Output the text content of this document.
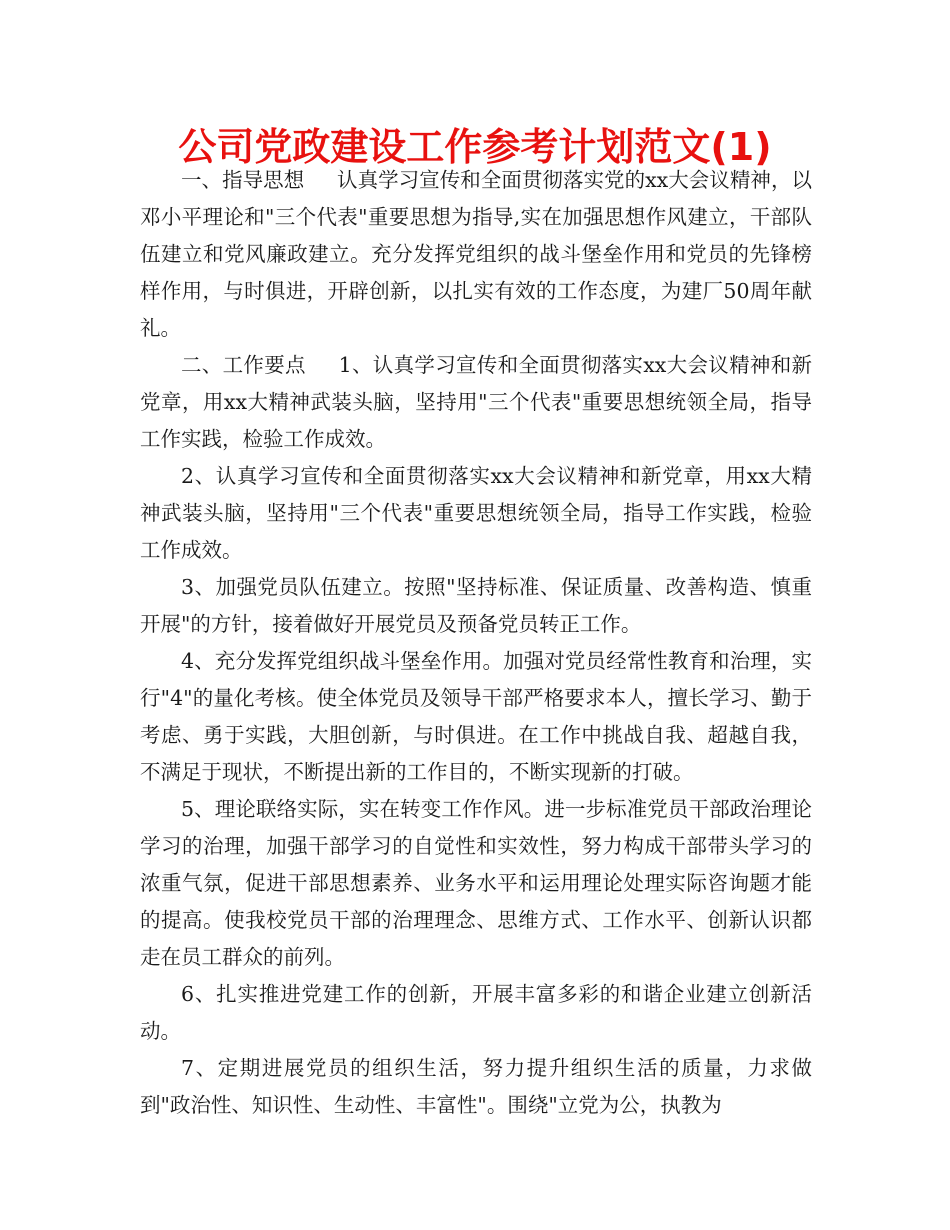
公司党政建设工作参考计划范文(1)

一、指导思想 认真学习宣传和全面贯彻落实党的xx大会议精神，以邓小平理论和"三个代表"重要思想为指导,实在加强思想作风建立，干部队伍建立和党风廉政建立。充分发挥党组织的战斗堡垒作用和党员的先锋榜样作用，与时俱进，开辟创新，以扎实有效的工作态度，为建厂50周年献礼。

二、工作要点 1、认真学习宣传和全面贯彻落实xx大会议精神和新党章，用xx大精神武装头脑，坚持用"三个代表"重要思想统领全局，指导工作实践，检验工作成效。

2、认真学习宣传和全面贯彻落实xx大会议精神和新党章，用xx大精神武装头脑，坚持用"三个代表"重要思想统领全局，指导工作实践，检验工作成效。

3、加强党员队伍建立。按照"坚持标准、保证质量、改善构造、慎重开展"的方针，接着做好开展党员及预备党员转正工作。

4、充分发挥党组织战斗堡垒作用。加强对党员经常性教育和治理，实行"4"的量化考核。使全体党员及领导干部严格要求本人，擅长学习、勤于考虑、勇于实践，大胆创新，与时俱进。在工作中挑战自我、超越自我，不满足于现状，不断提出新的工作目的，不断实现新的打破。

5、理论联络实际，实在转变工作作风。进一步标准党员干部政治理论学习的治理，加强干部学习的自觉性和实效性，努力构成干部带头学习的浓重气氛，促进干部思想素养、业务水平和运用理论处理实际咨询题才能的提高。使我校党员干部的治理理念、思维方式、工作水平、创新认识都走在员工群众的前列。

6、扎实推进党建工作的创新，开展丰富多彩的和谐企业建立创新活动。

7、定期进展党员的组织生活，努力提升组织生活的质量，力求做到"政治性、知识性、生动性、丰富性"。围绕"立党为公，执教为
